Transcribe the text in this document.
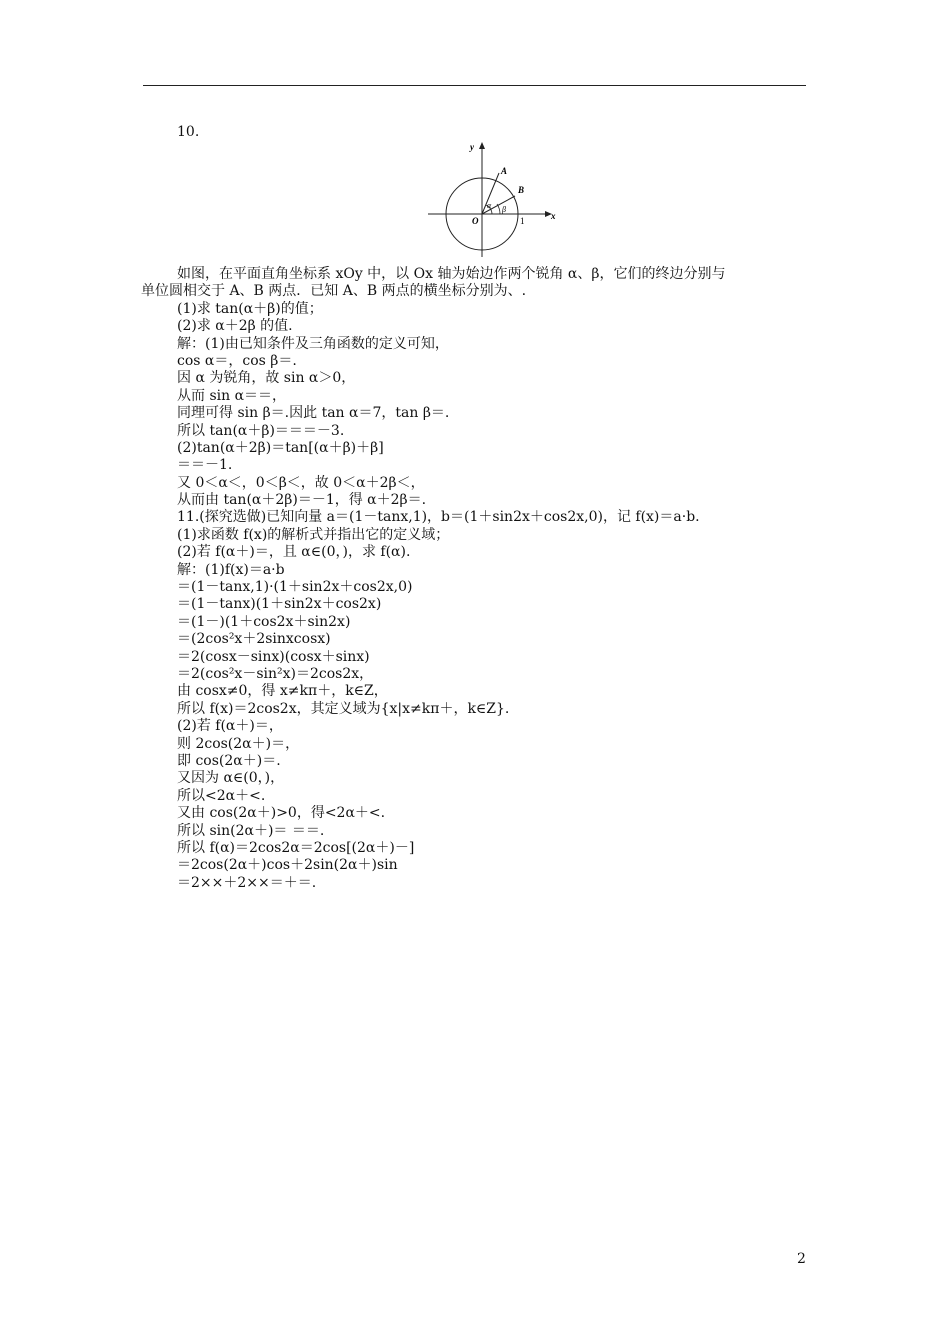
10.
y
x
O
A
B
α β
1
如图，在平面直角坐标系 xOy 中，以 Ox 轴为始边作两个锐角 α、β，它们的终边分别与
单位圆相交于 A、B 两点．已知 A、B 两点的横坐标分别为、.
(1)求 tan(α＋β)的值；
(2)求 α＋2β 的值.
解：(1)由已知条件及三角函数的定义可知，
cos α＝，cos β＝.
因 α 为锐角，故 sin α＞0，
从而 sin α＝＝，
同理可得 sin β＝.因此 tan α＝7，tan β＝.
所以 tan(α＋β)＝＝＝－3.
(2)tan(α＋2β)＝tan[(α＋β)＋β]
＝＝－1.
又 0＜α＜，0＜β＜，故 0＜α＋2β＜，
从而由 tan(α＋2β)＝－1，得 α＋2β＝.
11.(探究选做)已知向量 a＝(1－tanx,1)，b＝(1＋sin2x＋cos2x,0)，记 f(x)＝a·b.
(1)求函数 f(x)的解析式并指出它的定义域；
(2)若 f(α＋)＝，且 α∈(0，)，求 f(α).
解：(1)f(x)＝a·b
＝(1－tanx,1)·(1＋sin2x＋cos2x,0)
＝(1－tanx)(1＋sin2x＋cos2x)
＝(1－)(1＋cos2x＋sin2x)
＝(2cos²x＋2sinxcosx)
＝2(cosx－sinx)(cosx＋sinx)
＝2(cos²x－sin²x)＝2cos2x，
由 cosx≠0，得 x≠kπ＋，k∈Z，
所以 f(x)＝2cos2x，其定义域为{x|x≠kπ＋，k∈Z}.
(2)若 f(α＋)＝，
则 2cos(2α＋)＝，
即 cos(2α＋)＝.
又因为 α∈(0，)，
所以<2α＋<.
又由 cos(2α＋)>0，得<2α＋<.
所以 sin(2α＋)＝ ＝＝.
所以 f(α)＝2cos2α＝2cos[(2α＋)－]
＝2cos(2α＋)cos＋2sin(2α＋)sin
＝2××＋2××＝＋＝.
2
